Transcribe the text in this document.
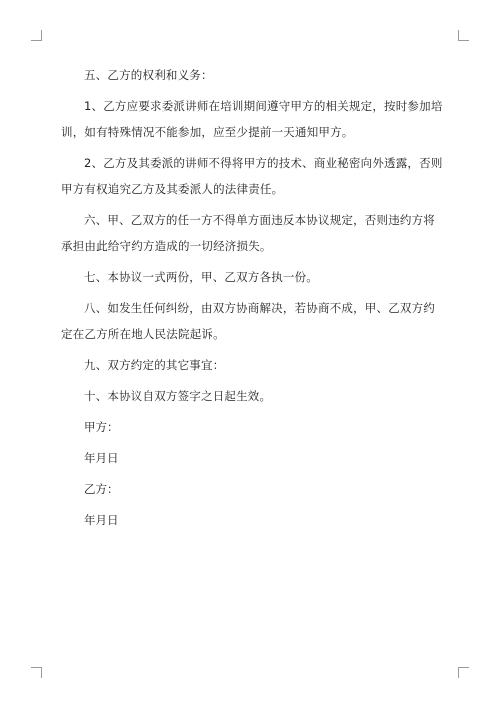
五、乙方的权利和义务：

1、乙方应要求委派讲师在培训期间遵守甲方的相关规定，按时参加培训，如有特殊情况不能参加，应至少提前一天通知甲方。

2、乙方及其委派的讲师不得将甲方的技术、商业秘密向外透露，否则甲方有权追究乙方及其委派人的法律责任。

六、甲、乙双方的任一方不得单方面违反本协议规定，否则违约方将承担由此给守约方造成的一切经济损失。

七、本协议一式两份，甲、乙双方各执一份。

八、如发生任何纠纷，由双方协商解决，若协商不成，甲、乙双方约定在乙方所在地人民法院起诉。

九、双方约定的其它事宜：

十、本协议自双方签字之日起生效。

甲方：
年月日
乙方：
年月日
